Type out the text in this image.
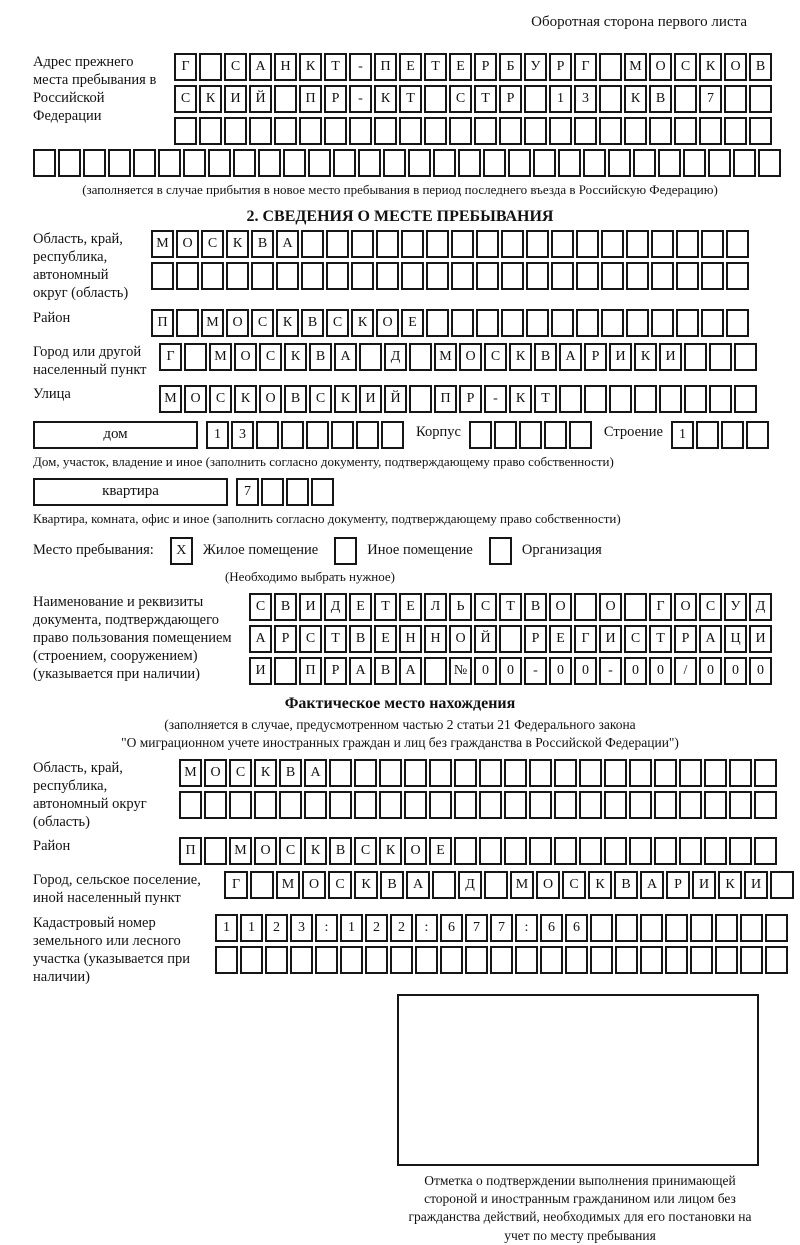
Оборотная сторона первого листа
Адрес прежнего места пребывания в Российской Федерации
Г	С	А	Н	К	Т	-	П	Е	Т	Е	Р	Б	У	Р	Г	М О	С	К	О	В
С	К	И	Й	П	Р	-	К	Т	С	Т	Р	1	3	К	В	7
(заполняется в случае прибытия в новое место пребывания в период последнего въезда в Российскую Федерацию)
2. СВЕДЕНИЯ О МЕСТЕ ПРЕБЫВАНИЯ
Область, край, республика, автономный округ (область)
М О	С	К	В	А
Район	П	М О	С	К	В	С	К	О	Е
Город или другой населенный пункт
Г	М О	С	К	В	А	Д	М О	С	К	В	А	Р	И	К	И
Улица	М О	С	К	О	В	С	К	И	Й	П	Р	-	К	Т
дом	1	3	Корпус	Строение	1
Дом, участок, владение и иное (заполнить согласно документу, подтверждающему право собственности)
квартира	7
Квартира, комната, офис и иное (заполнить согласно документу, подтверждающему право собственности)
Место пребывания:	X	Жилое помещение	Иное помещение	Организация
(Необходимо выбрать нужное)
Наименование и реквизиты документа, подтверждающего право пользования помещением (строением, сооружением) (указывается при наличии)
С	В	И	Д	Е	Т	Е	Л	Ь	С	Т	В	О	О	Г	О	С	У	Д
А	Р	С	Т	В	Е	Н	Н	О	Й	Р	Е	Г	И	С	Т	Р	А	Ц	И
И	П	Р	А	В	А	№	0	0	-	0	0	-	0	0	/	0	0	0
Фактическое место нахождения
(заполняется в случае, предусмотренном частью 2 статьи 21 Федерального закона
"О миграционном учете иностранных граждан и лиц без гражданства в Российской Федерации")
Область, край, республика, автономный округ (область)
М О	С	К	В	А
Район	П	М О	С	К	В	С	К	О	Е
Город, сельское поселение, иной населенный пункт
Г	М	О	С	К	В	А	Д	М	О	С	К	В	А	Р	И	К	И
Кадастровый номер земельного или лесного участка (указывается при наличии)
1	1	2	3	:	1	2	2	:	6	7	7	:	6	6
Отметка о подтверждении выполнения принимающей стороной и иностранным гражданином или лицом без гражданства действий, необходимых для его постановки на учет по месту пребывания
